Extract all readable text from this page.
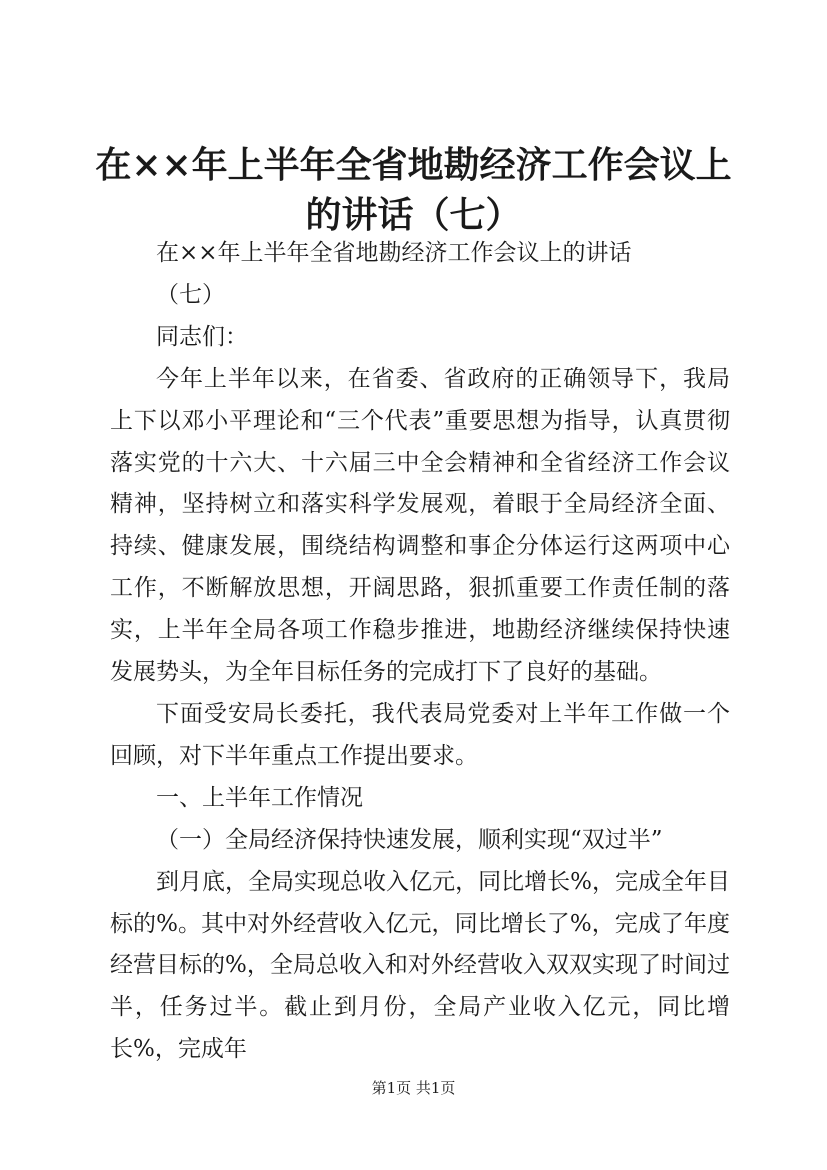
在××年上半年全省地勘经济工作会议上的讲话（七）

在××年上半年全省地勘经济工作会议上的讲话

（七）

同志们：

今年上半年以来，在省委、省政府的正确领导下，我局上下以邓小平理论和“三个代表”重要思想为指导，认真贯彻落实党的十六大、十六届三中全会精神和全省经济工作会议精神，坚持树立和落实科学发展观，着眼于全局经济全面、持续、健康发展，围绕结构调整和事企分体运行这两项中心工作，不断解放思想，开阔思路，狠抓重要工作责任制的落实，上半年全局各项工作稳步推进，地勘经济继续保持快速发展势头，为全年目标任务的完成打下了良好的基础。

下面受安局长委托，我代表局党委对上半年工作做一个回顾，对下半年重点工作提出要求。

一、上半年工作情况

（一）全局经济保持快速发展，顺利实现“双过半”

到月底，全局实现总收入亿元，同比增长%，完成全年目标的%。其中对外经营收入亿元，同比增长了%，完成了年度经营目标的%，全局总收入和对外经营收入双双实现了时间过半，任务过半。截止到月份，全局产业收入亿元，同比增长%，完成年

第1页 共1页
